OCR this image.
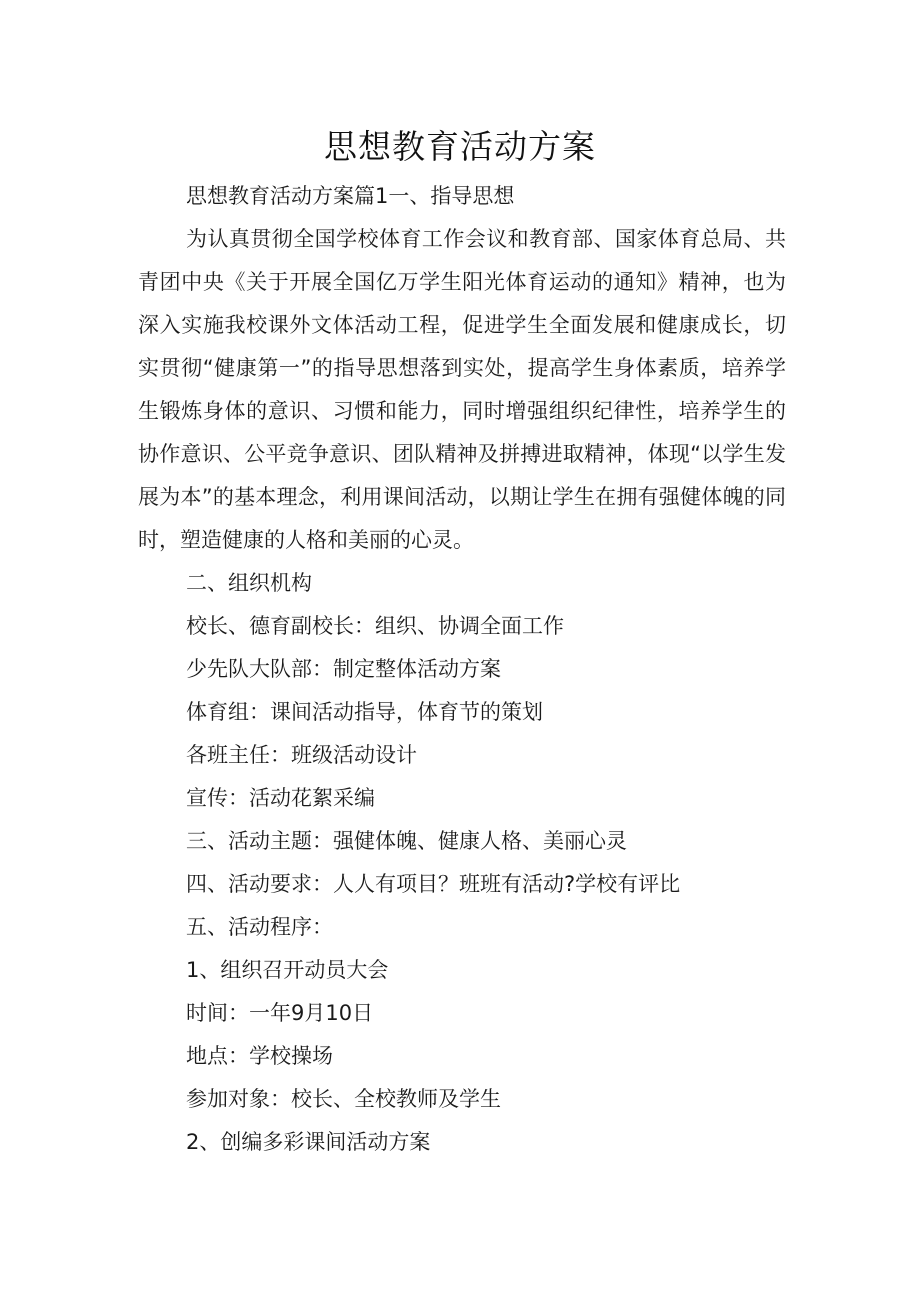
思想教育活动方案
思想教育活动方案篇1一、指导思想

为认真贯彻全国学校体育工作会议和教育部、国家体育总局、共青团中央《关于开展全国亿万学生阳光体育运动的通知》精神，也为深入实施我校课外文体活动工程，促进学生全面发展和健康成长，切实贯彻“健康第一”的指导思想落到实处，提高学生身体素质，培养学生锻炼身体的意识、习惯和能力，同时增强组织纪律性，培养学生的协作意识、公平竞争意识、团队精神及拼搏进取精神，体现“以学生发展为本”的基本理念，利用课间活动，以期让学生在拥有强健体魄的同时，塑造健康的人格和美丽的心灵。

二、组织机构
校长、德育副校长：组织、协调全面工作
少先队大队部：制定整体活动方案
体育组：课间活动指导，体育节的策划
各班主任：班级活动设计
宣传：活动花絮采编
三、活动主题：强健体魄、健康人格、美丽心灵
四、活动要求：人人有项目？班班有活动?学校有评比
五、活动程序：
1、组织召开动员大会
时间：一年9月10日
地点：学校操场
参加对象：校长、全校教师及学生
2、创编多彩课间活动方案
